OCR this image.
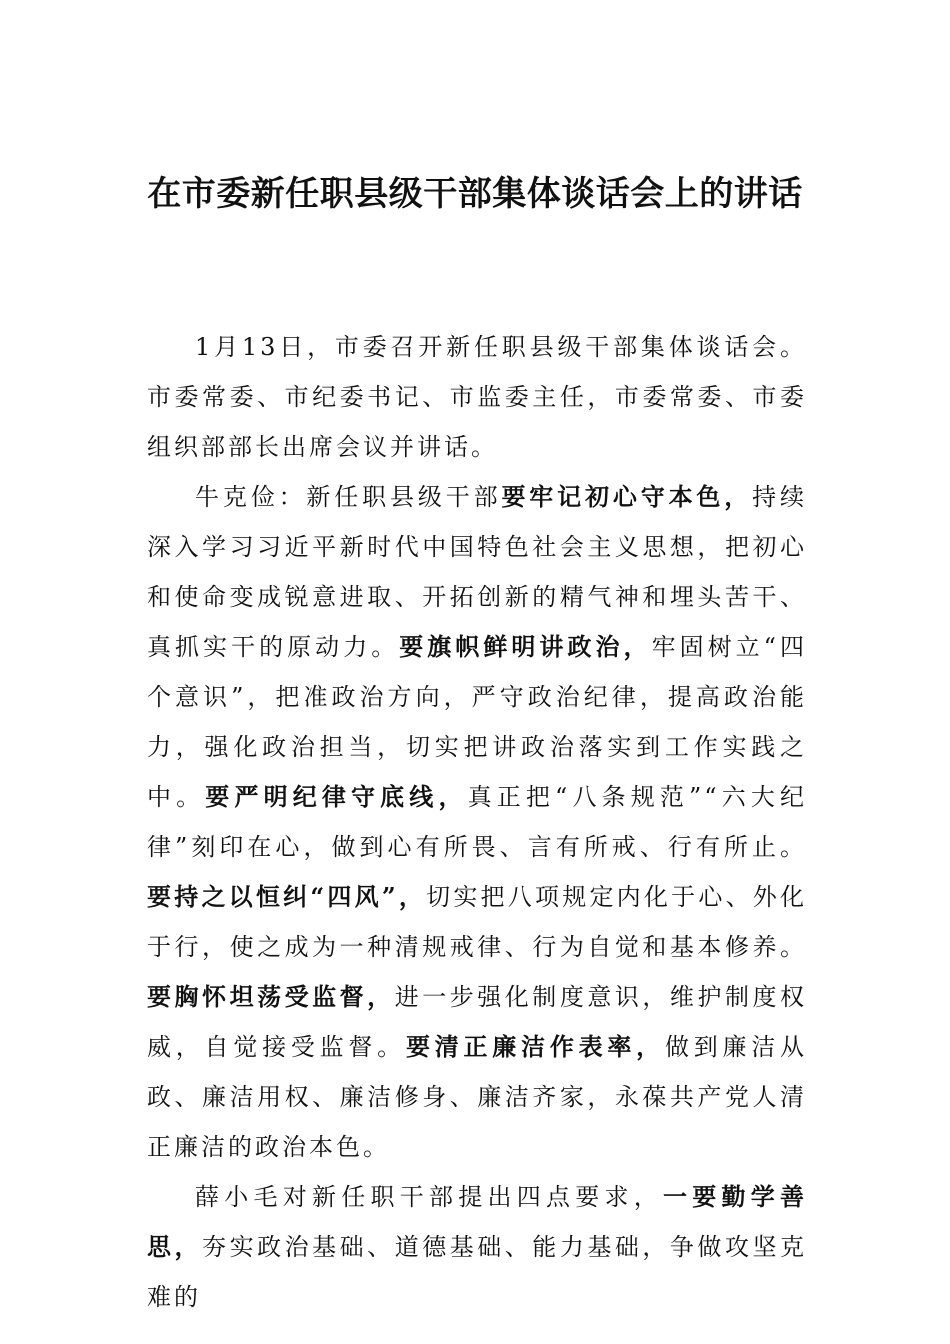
在市委新任职县级干部集体谈话会上的讲话

1月13日，市委召开新任职县级干部集体谈话会。市委常委、市纪委书记、市监委主任，市委常委、市委组织部部长出席会议并讲话。

牛克俭：新任职县级干部要牢记初心守本色，持续深入学习习近平新时代中国特色社会主义思想，把初心和使命变成锐意进取、开拓创新的精气神和埋头苦干、真抓实干的原动力。要旗帜鲜明讲政治，牢固树立“四个意识”，把准政治方向，严守政治纪律，提高政治能力，强化政治担当，切实把讲政治落实到工作实践之中。要严明纪律守底线，真正把“八条规范”“六大纪律”刻印在心，做到心有所畏、言有所戒、行有所止。要持之以恒纠“四风”，切实把八项规定内化于心、外化于行，使之成为一种清规戒律、行为自觉和基本修养。要胸怀坦荡受监督，进一步强化制度意识，维护制度权威，自觉接受监督。要清正廉洁作表率，做到廉洁从政、廉洁用权、廉洁修身、廉洁齐家，永葆共产党人清正廉洁的政治本色。

薛小毛对新任职干部提出四点要求，一要勤学善思，夯实政治基础、道德基础、能力基础，争做攻坚克难的
